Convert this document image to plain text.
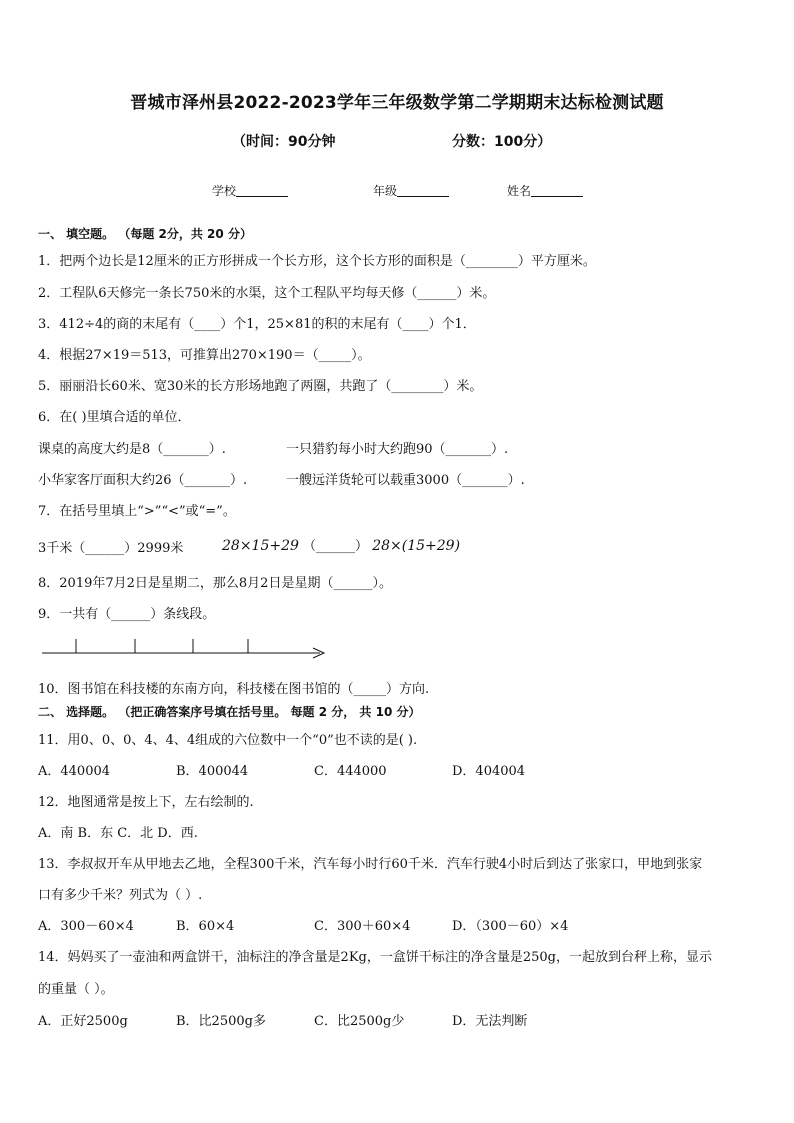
晋城市泽州县2022-2023学年三年级数学第二学期期末达标检测试题
（时间：90分钟	分数：100分）
学校	年级	姓名
一、 填空题。 （每题 2分，共 20 分）
1．把两个边长是12厘米的正方形拼成一个长方形，这个长方形的面积是（________）平方厘米。
2．工程队6天修完一条长750米的水渠，这个工程队平均每天修（______）米。
3．412÷4的商的末尾有（____）个1，25×81的积的末尾有（____）个1．
4．根据27×19＝513，可推算出270×190＝（_____）。
5．丽丽沿长60米、宽30米的长方形场地跑了两圈，共跑了（________）米。
6．在( )里填合适的单位．
课桌的高度大约是8（_______）.	一只猎豹每小时大约跑90（_______）.
小华家客厅面积大约26（_______）.	一艘远洋货轮可以载重3000（_______）.
7．在括号里填上“>”“<”或“=”。
3千米（______）2999米	28×15+29 （______） 28×(15+29)
8．2019年7月2日是星期二，那么8月2日是星期（______）。
9．一共有（______）条线段。
10．图书馆在科技楼的东南方向，科技楼在图书馆的（_____）方向.
二、 选择题。 （把正确答案序号填在括号里。 每题 2 分， 共 10 分）
11．用0、0、0、4、4、4组成的六位数中一个“0”也不读的是( ).
A．440004	B．400044	C．444000	D．404004
12．地图通常是按上下，左右绘制的.
A．南 B．东 C．北 D．西.
13．李叔叔开车从甲地去乙地，全程300千米，汽车每小时行60千米．汽车行驶4小时后到达了张家口，甲地到张家
口有多少千米？列式为（ ）.
A．300－60×4	B．60×4	C．300＋60×4	D．（300－60）×4
14．妈妈买了一壶油和两盒饼干，油标注的净含量是2Kg，一盒饼干标注的净含量是250g，一起放到台秤上称，显示
的重量（ ）。
A．正好2500g	B．比2500g多	C．比2500g少	D．无法判断
